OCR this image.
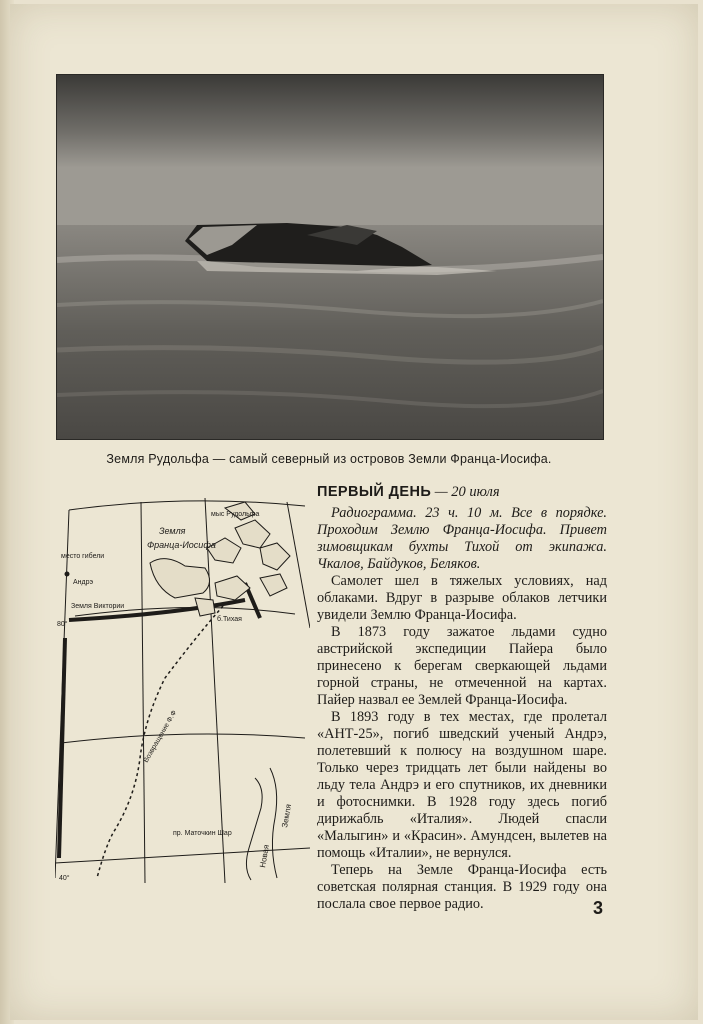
Земля Рудольфа — самый северный из островов Земли Франца-Иосифа.
Земля
Франца-Иосифа
место гибели
Андрэ
Земля Виктории
мыс Рудольфа
б.Тихая
Возвращение Ф.Ф
пр. Маточкин Шар
Новая
Земля
80°
40°
ПЕРВЫЙ ДЕНЬ — 20 июля

Радиограмма. 23 ч. 10 м. Все в порядке. Проходим Землю Франца-Иосифа. Привет зимовщикам бухты Тихой от экипажа. Чкалов, Байдуков, Беляков.

Самолет шел в тяжелых условиях, над облаками. Вдруг в разрыве облаков летчики увидели Землю Франца-Иосифа.

В 1873 году зажатое льдами судно австрийской экспедиции Пайера было принесено к берегам сверкающей льдами горной страны, не отмеченной на картах. Пайер назвал ее Землей Франца-Иосифа.

В 1893 году в тех местах, где пролетал «АНТ-25», погиб шведский ученый Андрэ, полетевший к полюсу на воздушном шаре. Только через тридцать лет были найдены во льду тела Андрэ и его спутников, их дневники и фотоснимки. В 1928 году здесь погиб дирижабль «Италия». Людей спасли «Малыгин» и «Красин». Амундсен, вылетев на помощь «Италии», не вернулся.

Теперь на Земле Франца-Иосифа есть советская полярная станция. В 1929 году она послала свое первое радио.	3
